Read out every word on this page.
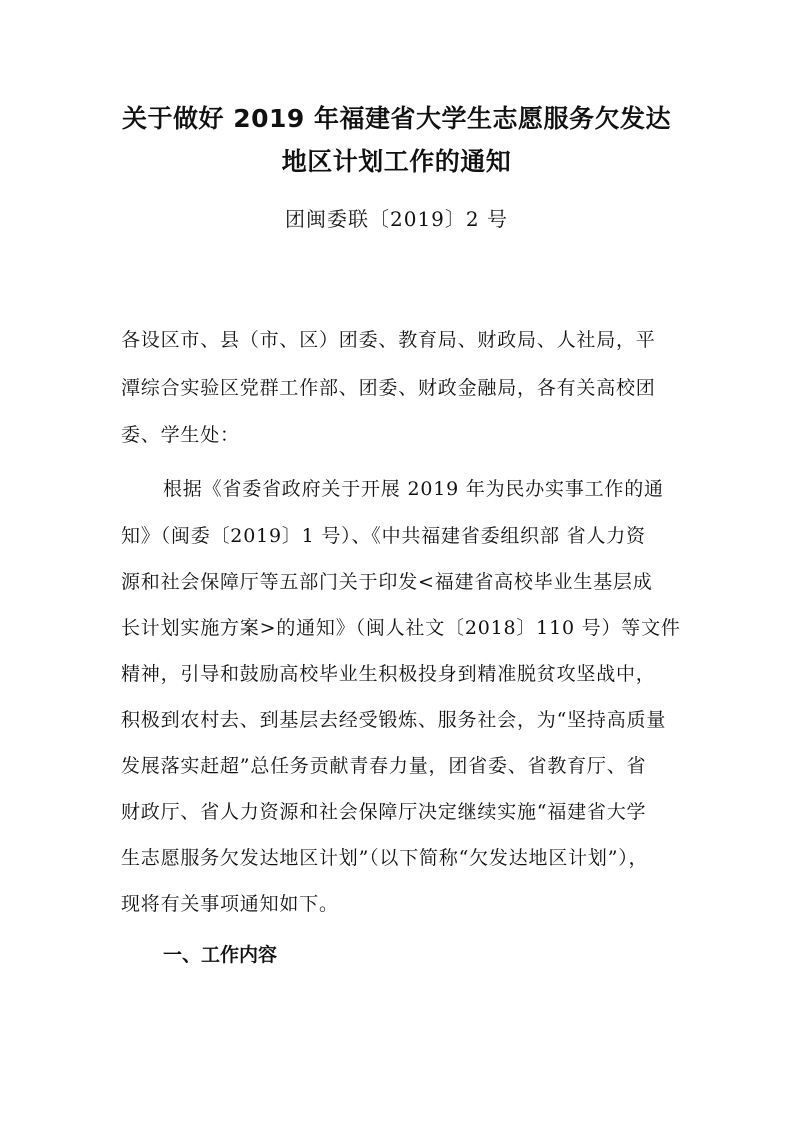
关于做好 2019 年福建省大学生志愿服务欠发达
地区计划工作的通知
团闽委联〔2019〕2 号
各设区市、县（市、区）团委、教育局、财政局、人社局，平
潭综合实验区党群工作部、团委、财政金融局，各有关高校团
委、学生处：
根据《省委省政府关于开展 2019 年为民办实事工作的通
知》（闽委〔2019〕1 号）、《中共福建省委组织部 省人力资
源和社会保障厅等五部门关于印发<福建省高校毕业生基层成
长计划实施方案>的通知》（闽人社文〔2018〕110 号）等文件
精神，引导和鼓励高校毕业生积极投身到精准脱贫攻坚战中，
积极到农村去、到基层去经受锻炼、服务社会，为“坚持高质量
发展落实赶超”总任务贡献青春力量，团省委、省教育厅、省
财政厅、省人力资源和社会保障厅决定继续实施“福建省大学
生志愿服务欠发达地区计划”（以下简称“欠发达地区计划”），
现将有关事项通知如下。
一、工作内容
